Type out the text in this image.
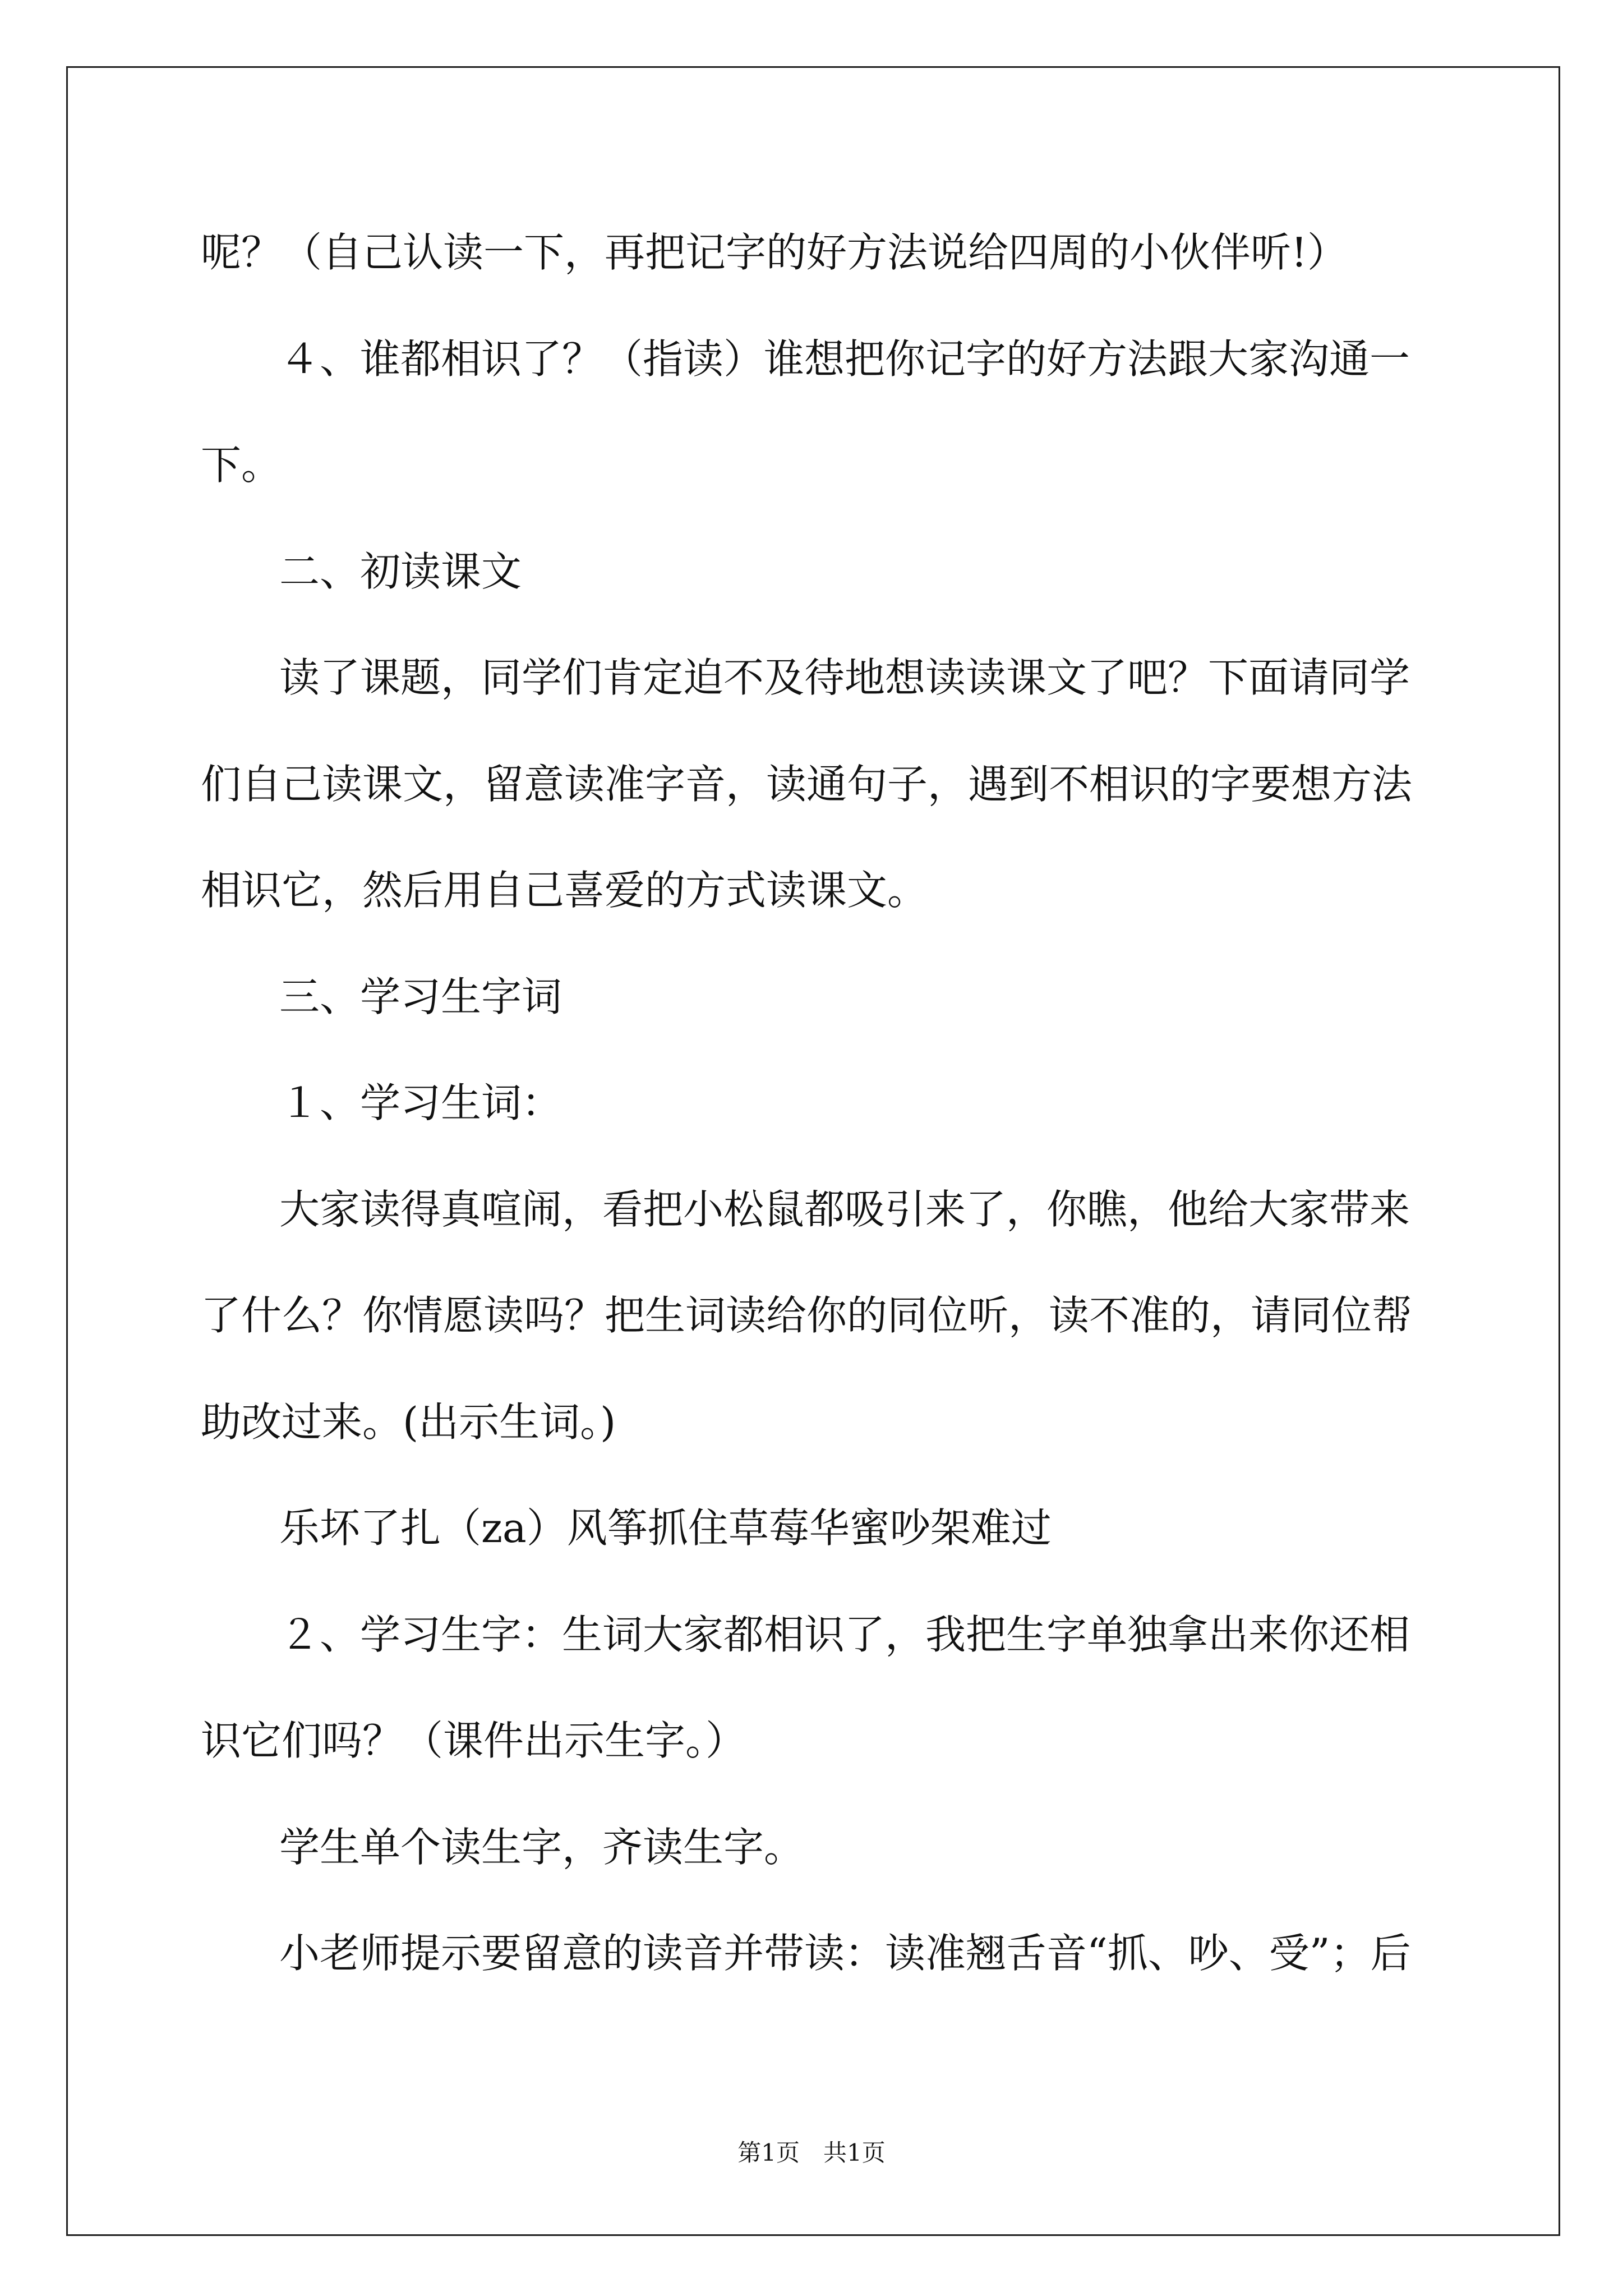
呢？（自己认读一下，再把记字的好方法说给四周的小伙伴听!）
４、谁都相识了？（指读）谁想把你记字的好方法跟大家沟通一
下。
二、初读课文
读了课题，同学们肯定迫不及待地想读读课文了吧？下面请同学
们自己读课文，留意读准字音，读通句子，遇到不相识的字要想方法
相识它，然后用自己喜爱的方式读课文。
三、学习生字词
１、学习生词：
大家读得真喧闹，看把小松鼠都吸引来了，你瞧，他给大家带来
了什么？你情愿读吗？把生词读给你的同位听，读不准的，请同位帮
助改过来。(出示生词。)
乐坏了扎（za）风筝抓住草莓华蜜吵架难过
２、学习生字：生词大家都相识了，我把生字单独拿出来你还相
识它们吗？（课件出示生字。）
学生单个读生字，齐读生字。
小老师提示要留意的读音并带读：读准翘舌音“抓、吵、受”；后
第1页　共1页
